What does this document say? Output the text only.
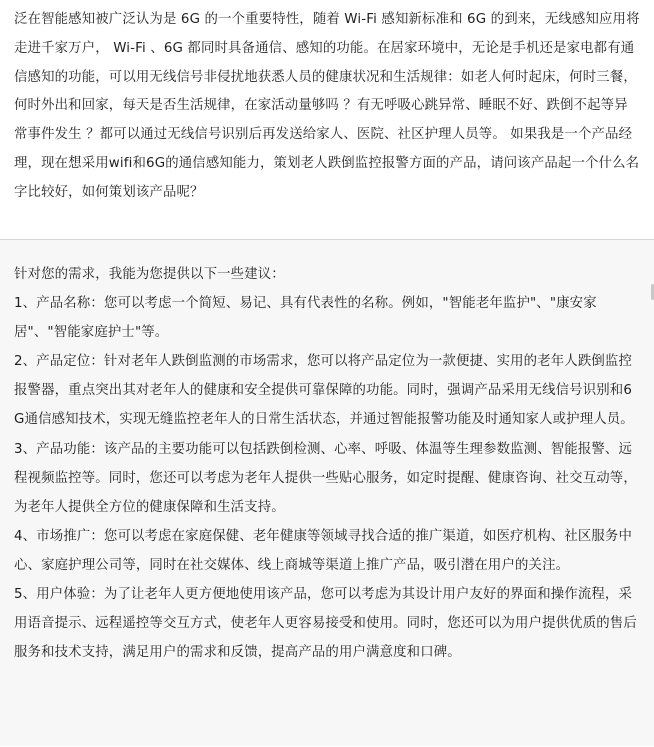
泛在智能感知被广泛认为是 6G 的一个重要特性，随着 Wi-Fi 感知新标准和 6G 的到来，无线感知应用将走进千家万户， Wi-Fi 、6G 都同时具备通信、感知的功能。在居家环境中，无论是手机还是家电都有通信感知的功能，可以用无线信号非侵扰地获悉人员的健康状况和生活规律：如老人何时起床，何时三餐，何时外出和回家，每天是否生活规律，在家活动量够吗 ？有无呼吸心跳异常、睡眠不好、跌倒不起等异常事件发生 ？都可以通过无线信号识别后再发送给家人、医院、社区护理人员等。 如果我是一个产品经理，现在想采用wifi和6G的通信感知能力，策划老人跌倒监控报警方面的产品，请问该产品起一个什么名字比较好，如何策划该产品呢？

针对您的需求，我能为您提供以下一些建议：

1、产品名称：您可以考虑一个简短、易记、具有代表性的名称。例如，"智能老年监护"、"康安家居"、"智能家庭护士"等。

2、产品定位：针对老年人跌倒监测的市场需求，您可以将产品定位为一款便捷、实用的老年人跌倒监控报警器，重点突出其对老年人的健康和安全提供可靠保障的功能。同时，强调产品采用无线信号识别和6G通信感知技术，实现无缝监控老年人的日常生活状态，并通过智能报警功能及时通知家人或护理人员。

3、产品功能：该产品的主要功能可以包括跌倒检测、心率、呼吸、体温等生理参数监测、智能报警、远程视频监控等。同时，您还可以考虑为老年人提供一些贴心服务，如定时提醒、健康咨询、社交互动等，为老年人提供全方位的健康保障和生活支持。

4、市场推广：您可以考虑在家庭保健、老年健康等领域寻找合适的推广渠道，如医疗机构、社区服务中心、家庭护理公司等，同时在社交媒体、线上商城等渠道上推广产品，吸引潜在用户的关注。

5、用户体验：为了让老年人更方便地使用该产品，您可以考虑为其设计用户友好的界面和操作流程，采用语音提示、远程遥控等交互方式，使老年人更容易接受和使用。同时，您还可以为用户提供优质的售后服务和技术支持，满足用户的需求和反馈，提高产品的用户满意度和口碑。
